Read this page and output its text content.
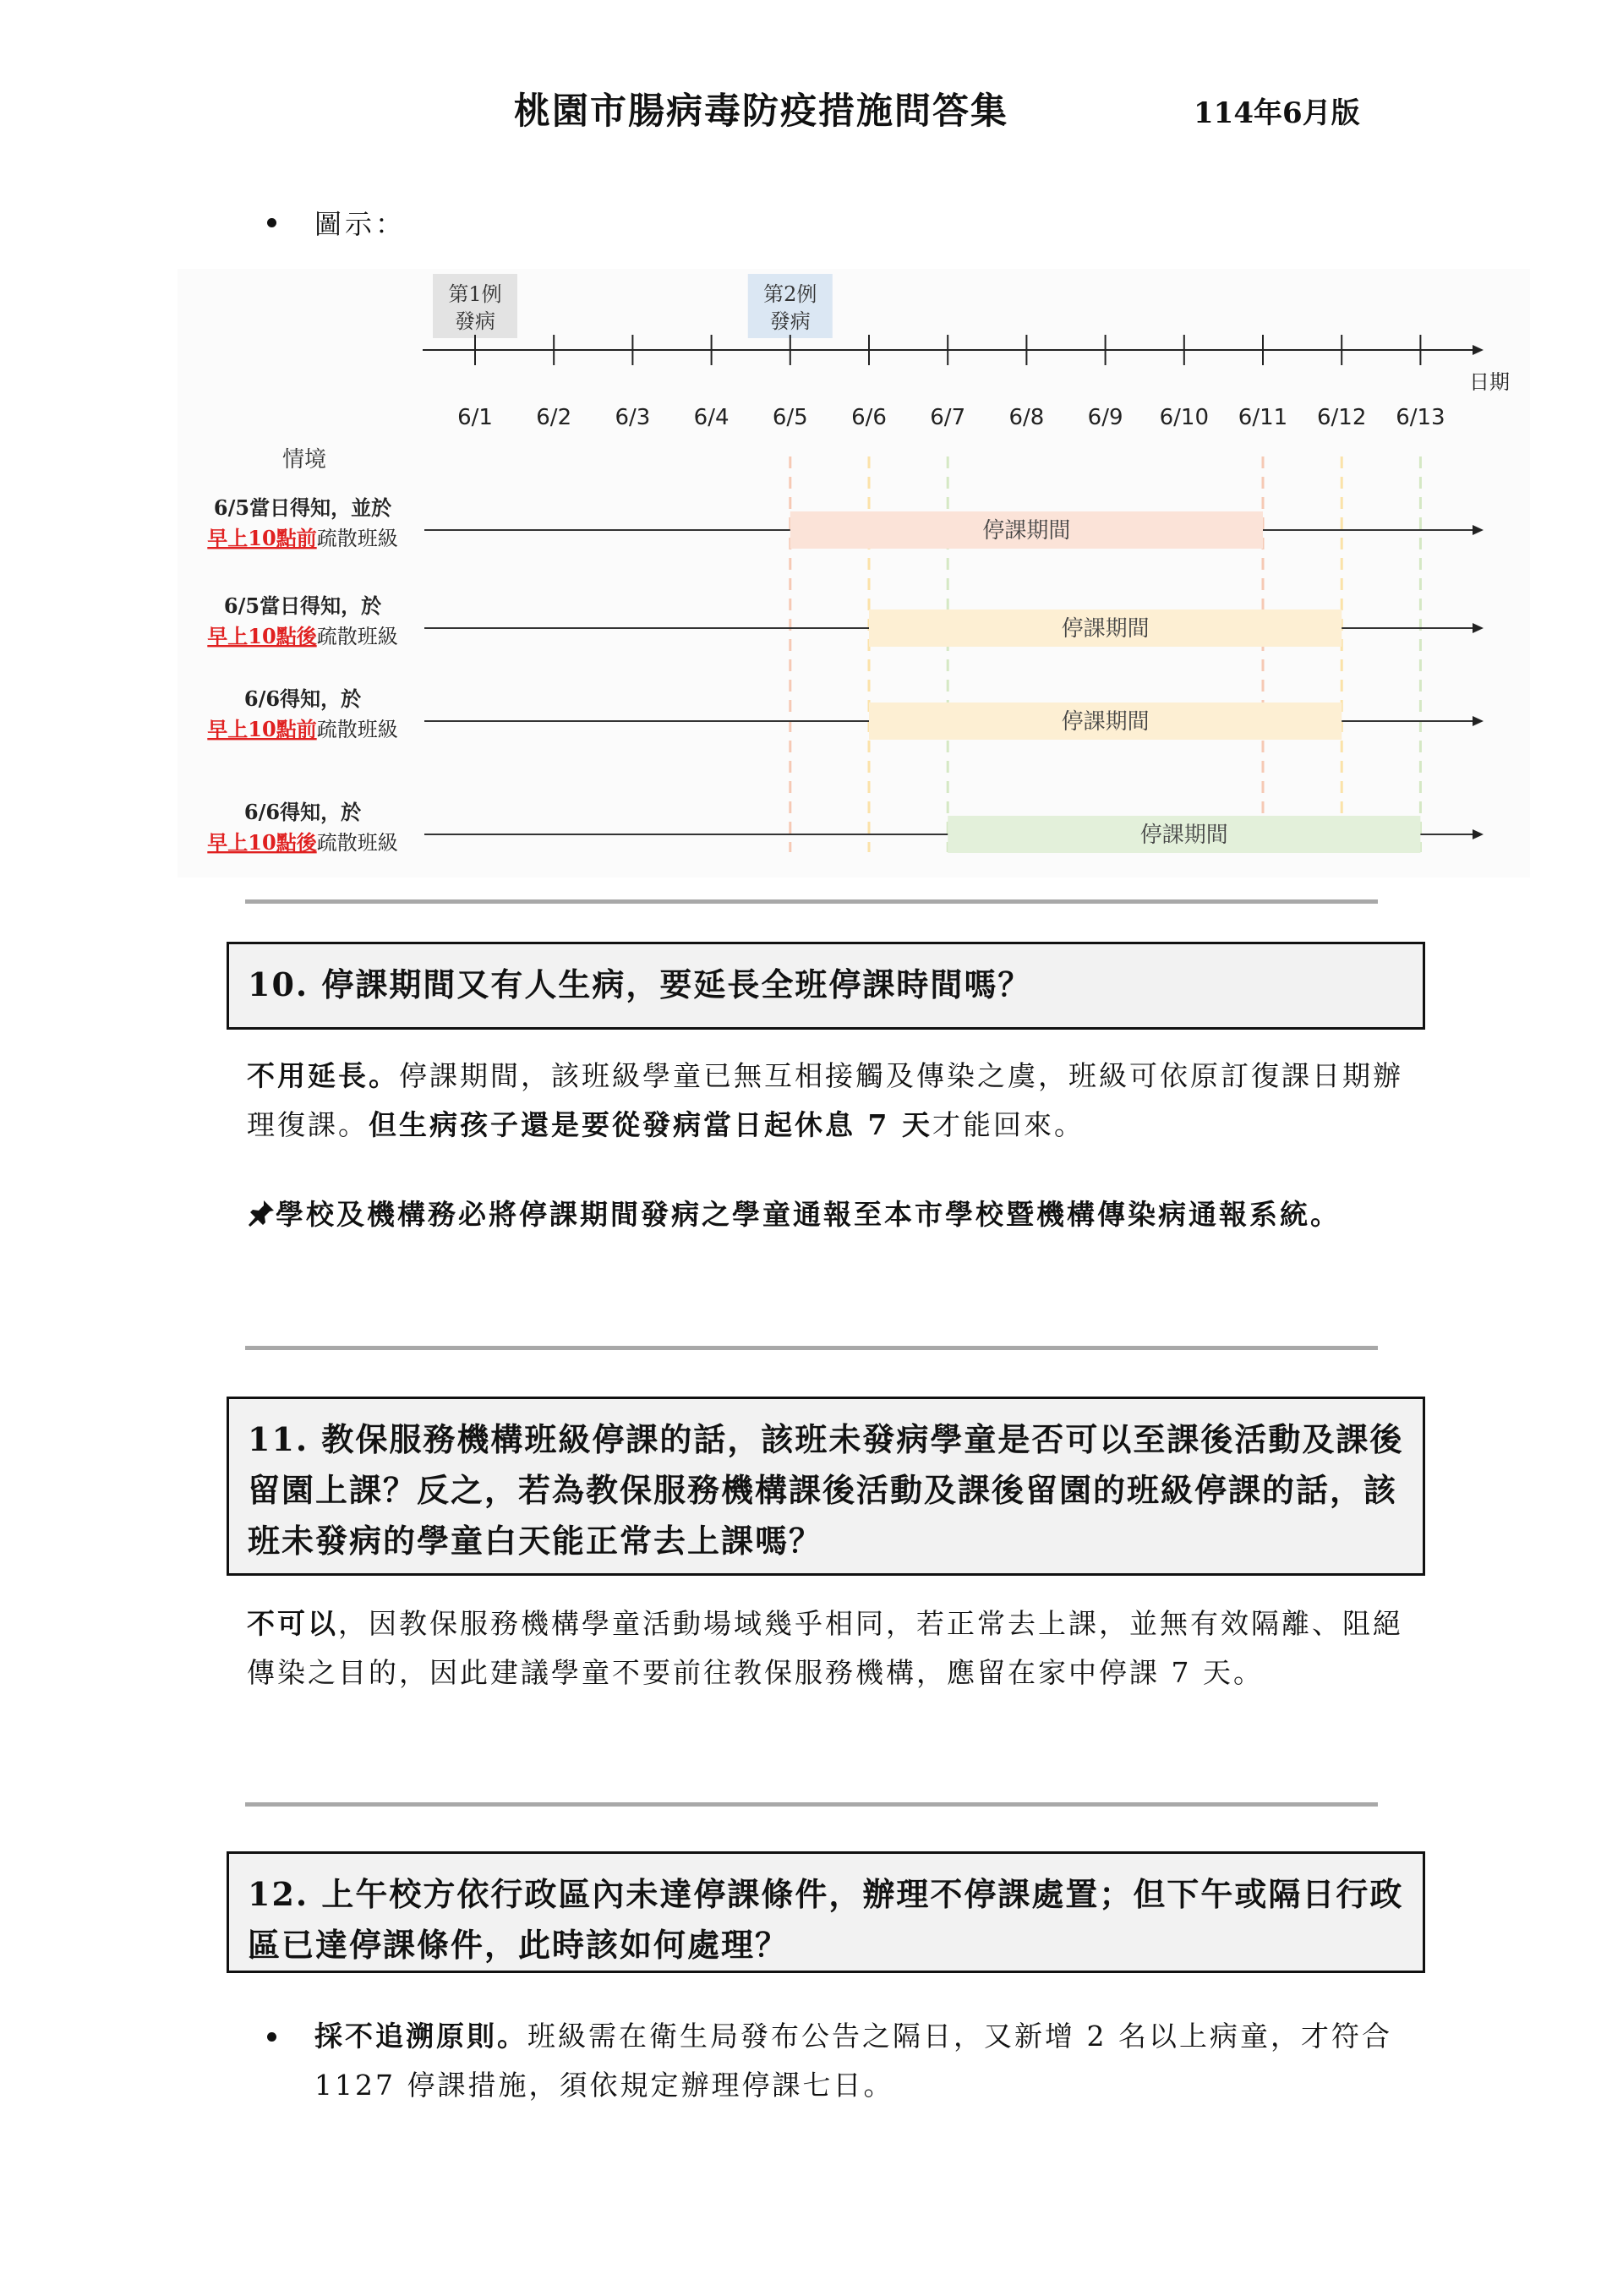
桃園市腸病毒防疫措施問答集	114年6月版
圖示：
第1例
發病
第2例
發病
6/1 6/2 6/3 6/4 6/5 6/6 6/7 6/8 6/9 6/10 6/11 6/12 6/13
日期
情境
6/5當日得知，並於
早上10點前疏散班級	停課期間
6/5當日得知，於
早上10點後疏散班級	停課期間
6/6得知，於
早上10點前疏散班級	停課期間
6/6得知，於
早上10點後疏散班級	停課期間
10. 停課期間又有人生病，要延長全班停課時間嗎？
不用延長。停課期間，該班級學童已無互相接觸及傳染之虞，班級可依原訂復課日期辦理復課。但生病孩子還是要從發病當日起休息 7 天才能回來。
學校及機構務必將停課期間發病之學童通報至本市學校暨機構傳染病通報系統。
11. 教保服務機構班級停課的話，該班未發病學童是否可以至課後活動及課後留園上課？反之，若為教保服務機構課後活動及課後留園的班級停課的話，該班未發病的學童白天能正常去上課嗎？
不可以，因教保服務機構學童活動場域幾乎相同，若正常去上課，並無有效隔離、阻絕傳染之目的，因此建議學童不要前往教保服務機構，應留在家中停課 7 天。
12. 上午校方依行政區內未達停課條件，辦理不停課處置；但下午或隔日行政區已達停課條件，此時該如何處理？
採不追溯原則。班級需在衛生局發布公告之隔日，又新增 2 名以上病童，才符合 1127 停課措施，須依規定辦理停課七日。
